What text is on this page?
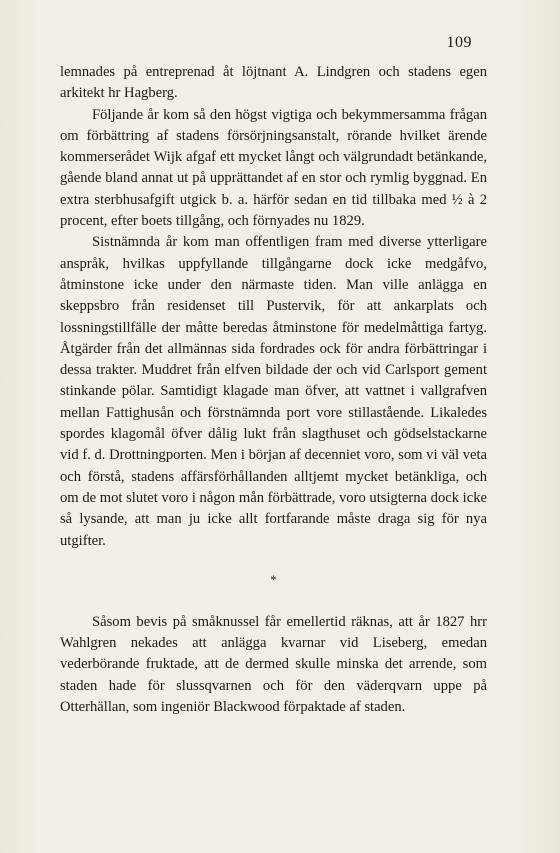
109

lemnades på entreprenad åt löjtnant A. Lindgren och stadens egen arkitekt hr Hagberg.

Följande år kom så den högst vigtiga och bekymmersamma frågan om förbättring af stadens försörjningsanstalt, rörande hvilket ärende kommerserådet Wijk afgaf ett mycket långt och välgrundadt betänkande, gående bland annat ut på upprättandet af en stor och rymlig byggnad. En extra sterbhusafgift utgick b. a. härför sedan en tid tillbaka med ½ à 2 procent, efter boets tillgång, och förnyades nu 1829.

Sistnämnda år kom man offentligen fram med diverse ytterligare anspråk, hvilkas uppfyllande tillgångarne dock icke medgåfvo, åtminstone icke under den närmaste tiden. Man ville anlägga en skeppsbro från residenset till Pustervik, för att ankarplats och lossningstillfälle der måtte beredas åtminstone för medelmåttiga fartyg. Åtgärder från det allmännas sida fordrades ock för andra förbättringar i dessa trakter. Muddret från elfven bildade der och vid Carlsport gement stinkande pölar. Samtidigt klagade man öfver, att vattnet i vallgrafven mellan Fattighusån och förstnämnda port vore stillastående. Likaledes spordes klagomål öfver dålig lukt från slagthuset och gödselstackarne vid f. d. Drottningporten. Men i början af decenniet voro, som vi väl veta och förstå, stadens affärsförhållanden alltjemt mycket betänkliga, och om de mot slutet voro i någon mån förbättrade, voro utsigterna dock icke så lysande, att man ju icke allt fortfarande måste draga sig för nya utgifter.

*

Såsom bevis på småknussel får emellertid räknas, att år 1827 hrr Wahlgren nekades att anlägga kvarnar vid Liseberg, emedan vederbörande fruktade, att de dermed skulle minska det arrende, som staden hade för slussqvarnen och för den väderqvarn uppe på Otterhällan, som ingeniör Blackwood förpaktade af staden.
